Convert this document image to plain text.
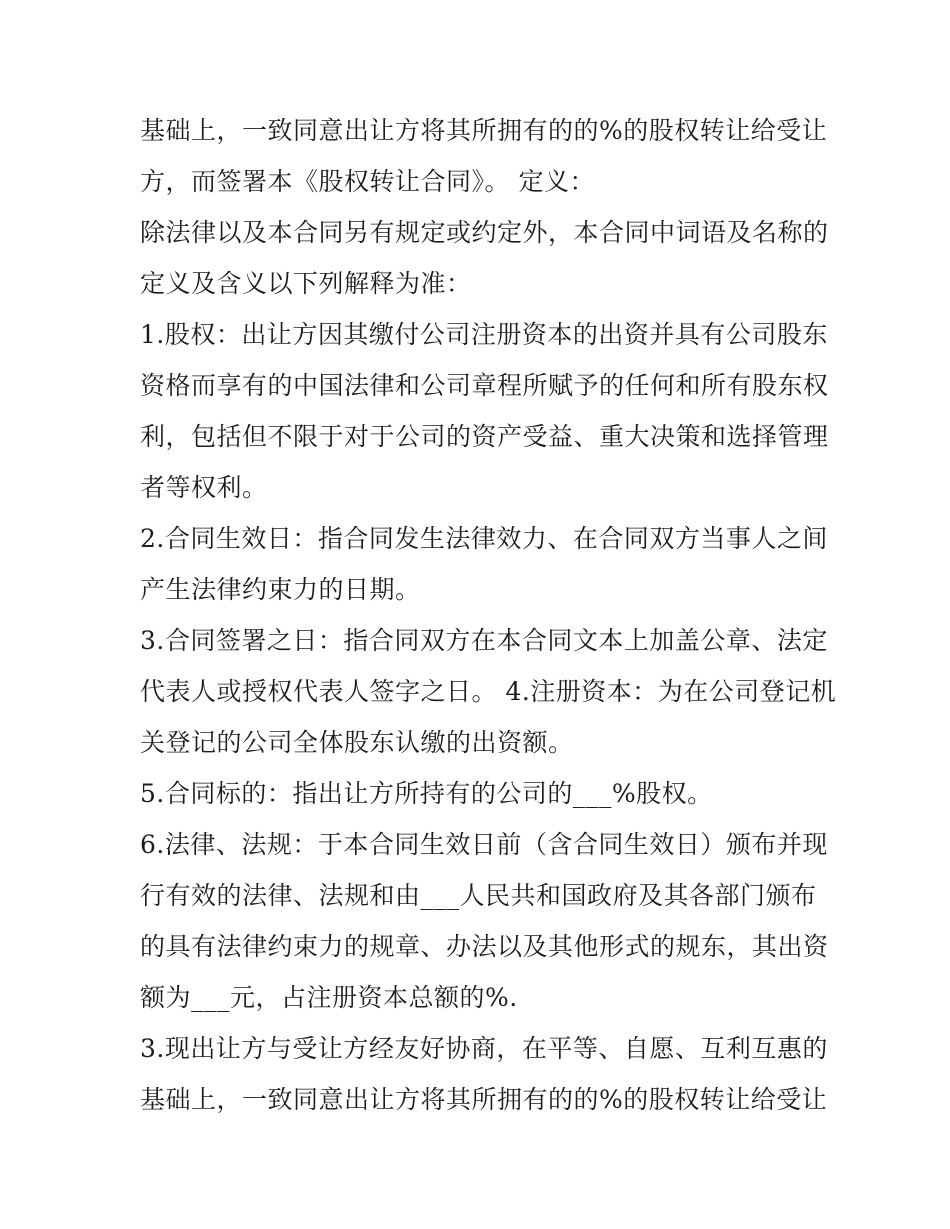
基础上，一致同意出让方将其所拥有的的%的股权转让给受让
方，而签署本《股权转让合同》。 定义：
除法律以及本合同另有规定或约定外，本合同中词语及名称的
定义及含义以下列解释为准：
1.股权：出让方因其缴付公司注册资本的出资并具有公司股东
资格而享有的中国法律和公司章程所赋予的任何和所有股东权
利，包括但不限于对于公司的资产受益、重大决策和选择管理
者等权利。
2.合同生效日：指合同发生法律效力、在合同双方当事人之间
产生法律约束力的日期。
3.合同签署之日：指合同双方在本合同文本上加盖公章、法定
代表人或授权代表人签字之日。 4.注册资本：为在公司登记机
关登记的公司全体股东认缴的出资额。
5.合同标的：指出让方所持有的公司的___%股权。
6.法律、法规：于本合同生效日前（含合同生效日）颁布并现
行有效的法律、法规和由___人民共和国政府及其各部门颁布
的具有法律约束力的规章、办法以及其他形式的规东，其出资
额为___元，占注册资本总额的%.
3.现出让方与受让方经友好协商，在平等、自愿、互利互惠的
基础上，一致同意出让方将其所拥有的的%的股权转让给受让
